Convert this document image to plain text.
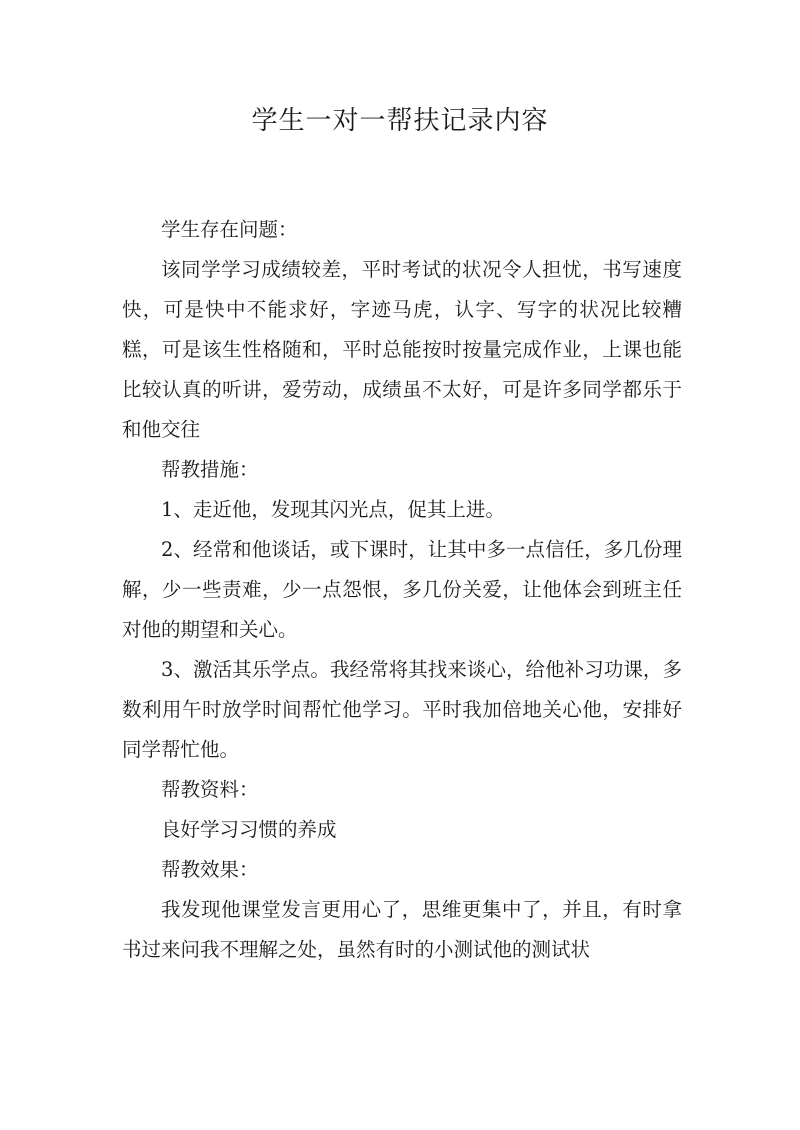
学生一对一帮扶记录内容

学生存在问题：

该同学学习成绩较差，平时考试的状况令人担忧，书写速度快，可是快中不能求好，字迹马虎，认字、写字的状况比较糟糕，可是该生性格随和，平时总能按时按量完成作业，上课也能比较认真的听讲，爱劳动，成绩虽不太好，可是许多同学都乐于和他交往

帮教措施：

1、走近他，发现其闪光点，促其上进。

2、经常和他谈话，或下课时，让其中多一点信任，多几份理解，少一些责难，少一点怨恨，多几份关爱，让他体会到班主任对他的期望和关心。

3、激活其乐学点。我经常将其找来谈心，给他补习功课，多数利用午时放学时间帮忙他学习。平时我加倍地关心他，安排好同学帮忙他。

帮教资料：

良好学习习惯的养成

帮教效果：

我发现他课堂发言更用心了，思维更集中了，并且，有时拿书过来问我不理解之处，虽然有时的小测试他的测试状
